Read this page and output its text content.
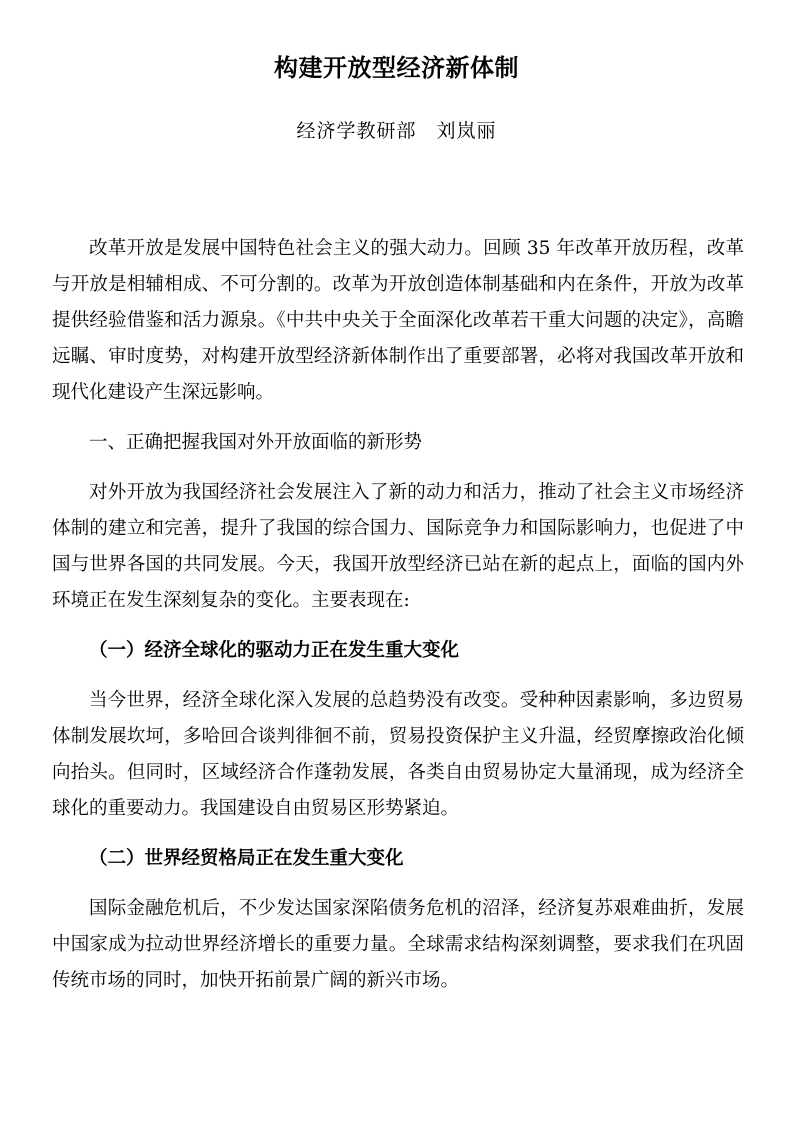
构建开放型经济新体制
经济学教研部　刘岚丽

改革开放是发展中国特色社会主义的强大动力。回顾 35 年改革开放历程，改革与开放是相辅相成、不可分割的。改革为开放创造体制基础和内在条件，开放为改革提供经验借鉴和活力源泉。《中共中央关于全面深化改革若干重大问题的决定》，高瞻远瞩、审时度势，对构建开放型经济新体制作出了重要部署，必将对我国改革开放和现代化建设产生深远影响。

一、正确把握我国对外开放面临的新形势

对外开放为我国经济社会发展注入了新的动力和活力，推动了社会主义市场经济体制的建立和完善，提升了我国的综合国力、国际竞争力和国际影响力，也促进了中国与世界各国的共同发展。今天，我国开放型经济已站在新的起点上，面临的国内外环境正在发生深刻复杂的变化。主要表现在:

（一）经济全球化的驱动力正在发生重大变化

当今世界，经济全球化深入发展的总趋势没有改变。受种种因素影响，多边贸易体制发展坎坷，多哈回合谈判徘徊不前，贸易投资保护主义升温，经贸摩擦政治化倾向抬头。但同时，区域经济合作蓬勃发展，各类自由贸易协定大量涌现，成为经济全球化的重要动力。我国建设自由贸易区形势紧迫。

（二）世界经贸格局正在发生重大变化

国际金融危机后，不少发达国家深陷债务危机的沼泽，经济复苏艰难曲折，发展中国家成为拉动世界经济增长的重要力量。全球需求结构深刻调整，要求我们在巩固传统市场的同时，加快开拓前景广阔的新兴市场。
